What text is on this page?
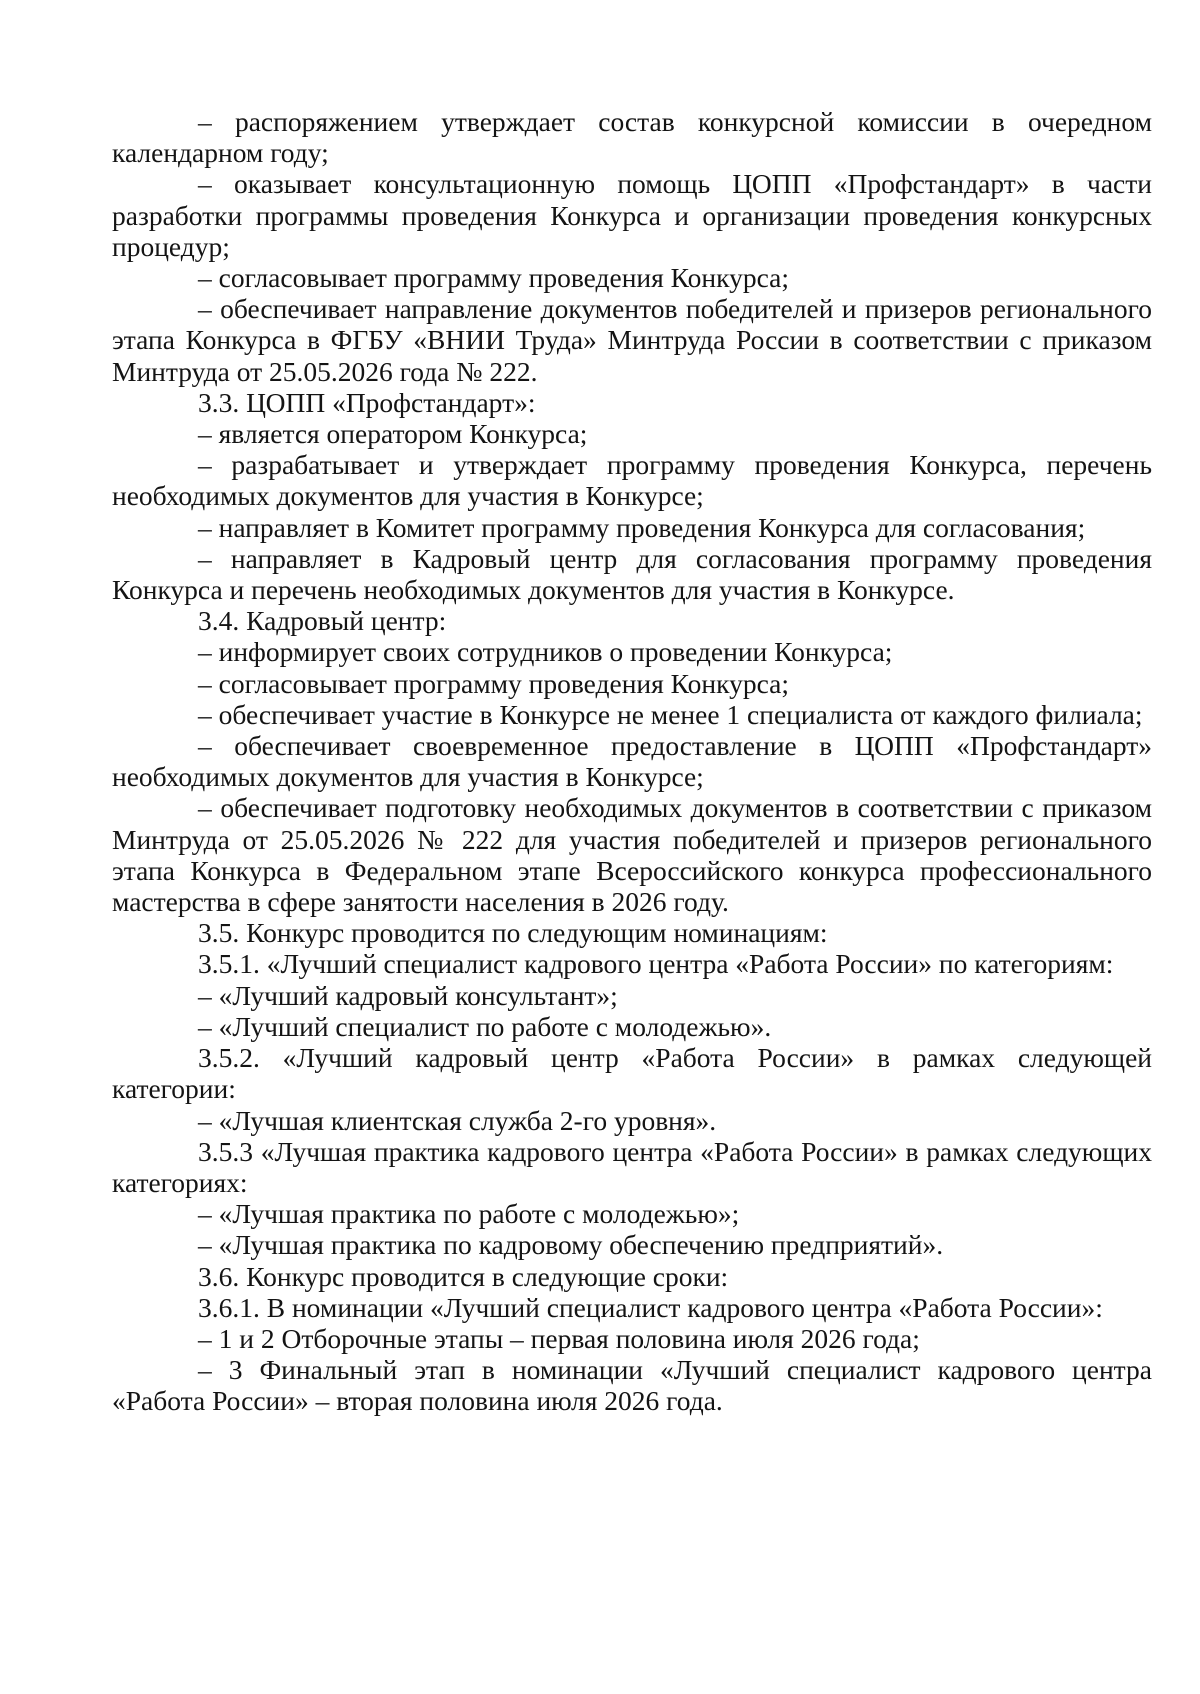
– распоряжением утверждает состав конкурсной комиссии в очередном календарном году;

– оказывает консультационную помощь ЦОПП «Профстандарт» в части разработки программы проведения Конкурса и организации проведения конкурсных процедур;

– согласовывает программу проведения Конкурса;

– обеспечивает направление документов победителей и призеров регионального этапа Конкурса в ФГБУ «ВНИИ Труда» Минтруда России в соответствии с приказом Минтруда от 25.05.2026 года № 222.

3.3. ЦОПП «Профстандарт»:

– является оператором Конкурса;

– разрабатывает и утверждает программу проведения Конкурса, перечень необходимых документов для участия в Конкурсе;

– направляет в Комитет программу проведения Конкурса для согласования;

– направляет в Кадровый центр для согласования программу проведения Конкурса и перечень необходимых документов для участия в Конкурсе.

3.4. Кадровый центр:

– информирует своих сотрудников о проведении Конкурса;

– согласовывает программу проведения Конкурса;

– обеспечивает участие в Конкурсе не менее 1 специалиста от каждого филиала;

– обеспечивает своевременное предоставление в ЦОПП «Профстандарт» необходимых документов для участия в Конкурсе;

– обеспечивает подготовку необходимых документов в соответствии с приказом Минтруда от 25.05.2026 № 222 для участия победителей и призеров регионального этапа Конкурса в Федеральном этапе Всероссийского конкурса профессионального мастерства в сфере занятости населения в 2026 году.

3.5. Конкурс проводится по следующим номинациям:

3.5.1. «Лучший специалист кадрового центра «Работа России» по категориям:

– «Лучший кадровый консультант»;

– «Лучший специалист по работе с молодежью».

3.5.2. «Лучший кадровый центр «Работа России» в рамках следующей категории:

– «Лучшая клиентская служба 2-го уровня».

3.5.3 «Лучшая практика кадрового центра «Работа России» в рамках следующих категориях:

– «Лучшая практика по работе с молодежью»;

– «Лучшая практика по кадровому обеспечению предприятий».

3.6. Конкурс проводится в следующие сроки:

3.6.1. В номинации «Лучший специалист кадрового центра «Работа России»:

– 1 и 2 Отборочные этапы – первая половина июля 2026 года;

– 3 Финальный этап в номинации «Лучший специалист кадрового центра «Работа России» – вторая половина июля 2026 года.
